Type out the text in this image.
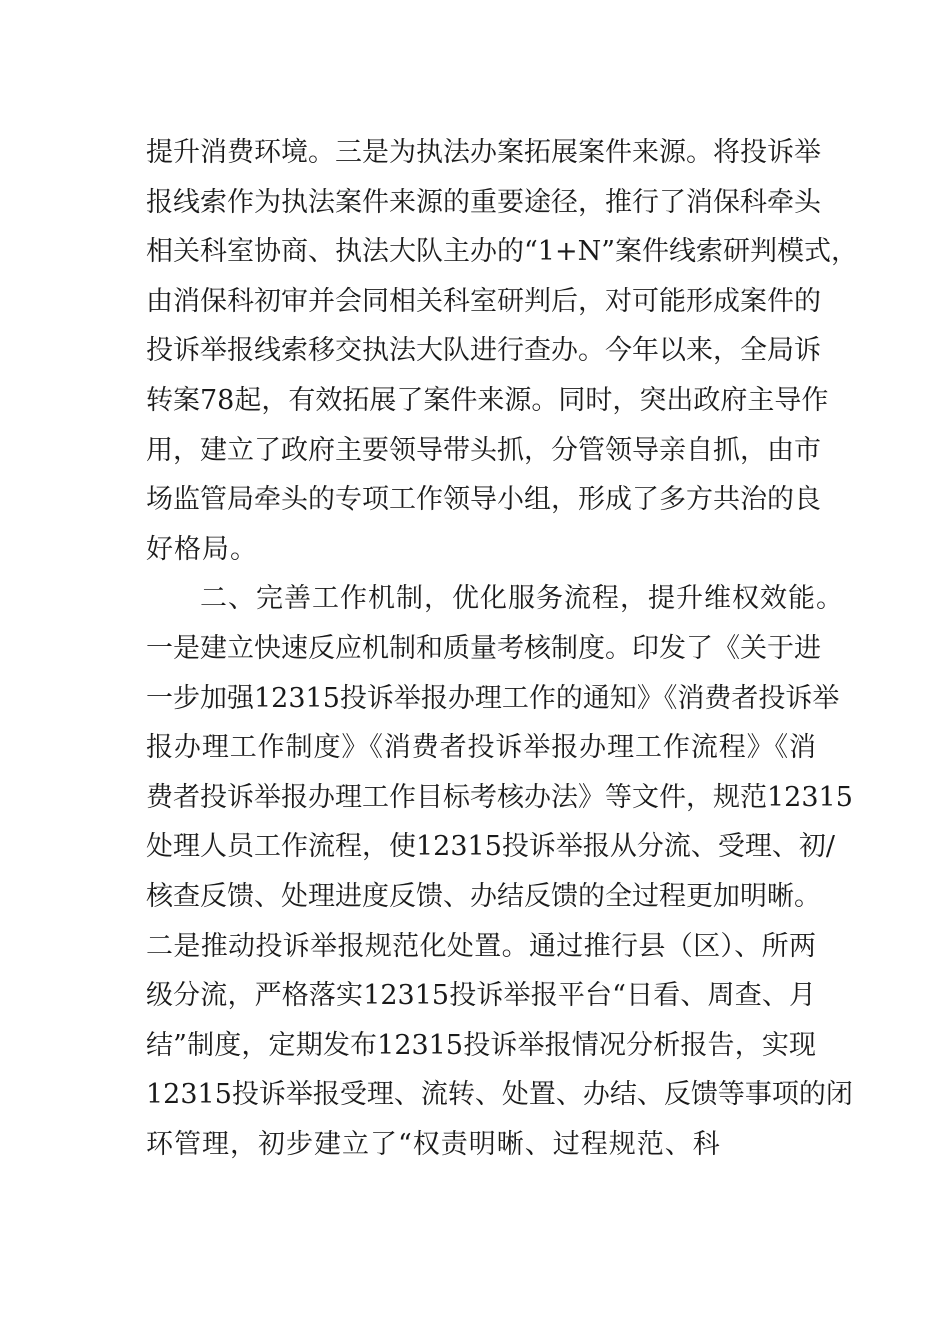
提升消费环境。三是为执法办案拓展案件来源。将投诉举
报线索作为执法案件来源的重要途径，推行了消保科牵头
相关科室协商、执法大队主办的“1+N”案件线索研判模式，
由消保科初审并会同相关科室研判后，对可能形成案件的
投诉举报线索移交执法大队进行查办。今年以来，全局诉
转案78起，有效拓展了案件来源。同时，突出政府主导作
用，建立了政府主要领导带头抓，分管领导亲自抓，由市
场监管局牵头的专项工作领导小组，形成了多方共治的良
好格局。
二、完善工作机制，优化服务流程，提升维权效能。
一是建立快速反应机制和质量考核制度。印发了《关于进
一步加强12315投诉举报办理工作的通知》《消费者投诉举
报办理工作制度》《消费者投诉举报办理工作流程》《消
费者投诉举报办理工作目标考核办法》等文件，规范12315
处理人员工作流程，使12315投诉举报从分流、受理、初/
核查反馈、处理进度反馈、办结反馈的全过程更加明晰。
二是推动投诉举报规范化处置。通过推行县（区）、所两
级分流，严格落实12315投诉举报平台“日看、周查、月
结”制度，定期发布12315投诉举报情况分析报告，实现
12315投诉举报受理、流转、处置、办结、反馈等事项的闭
环管理，初步建立了“权责明晰、过程规范、科
